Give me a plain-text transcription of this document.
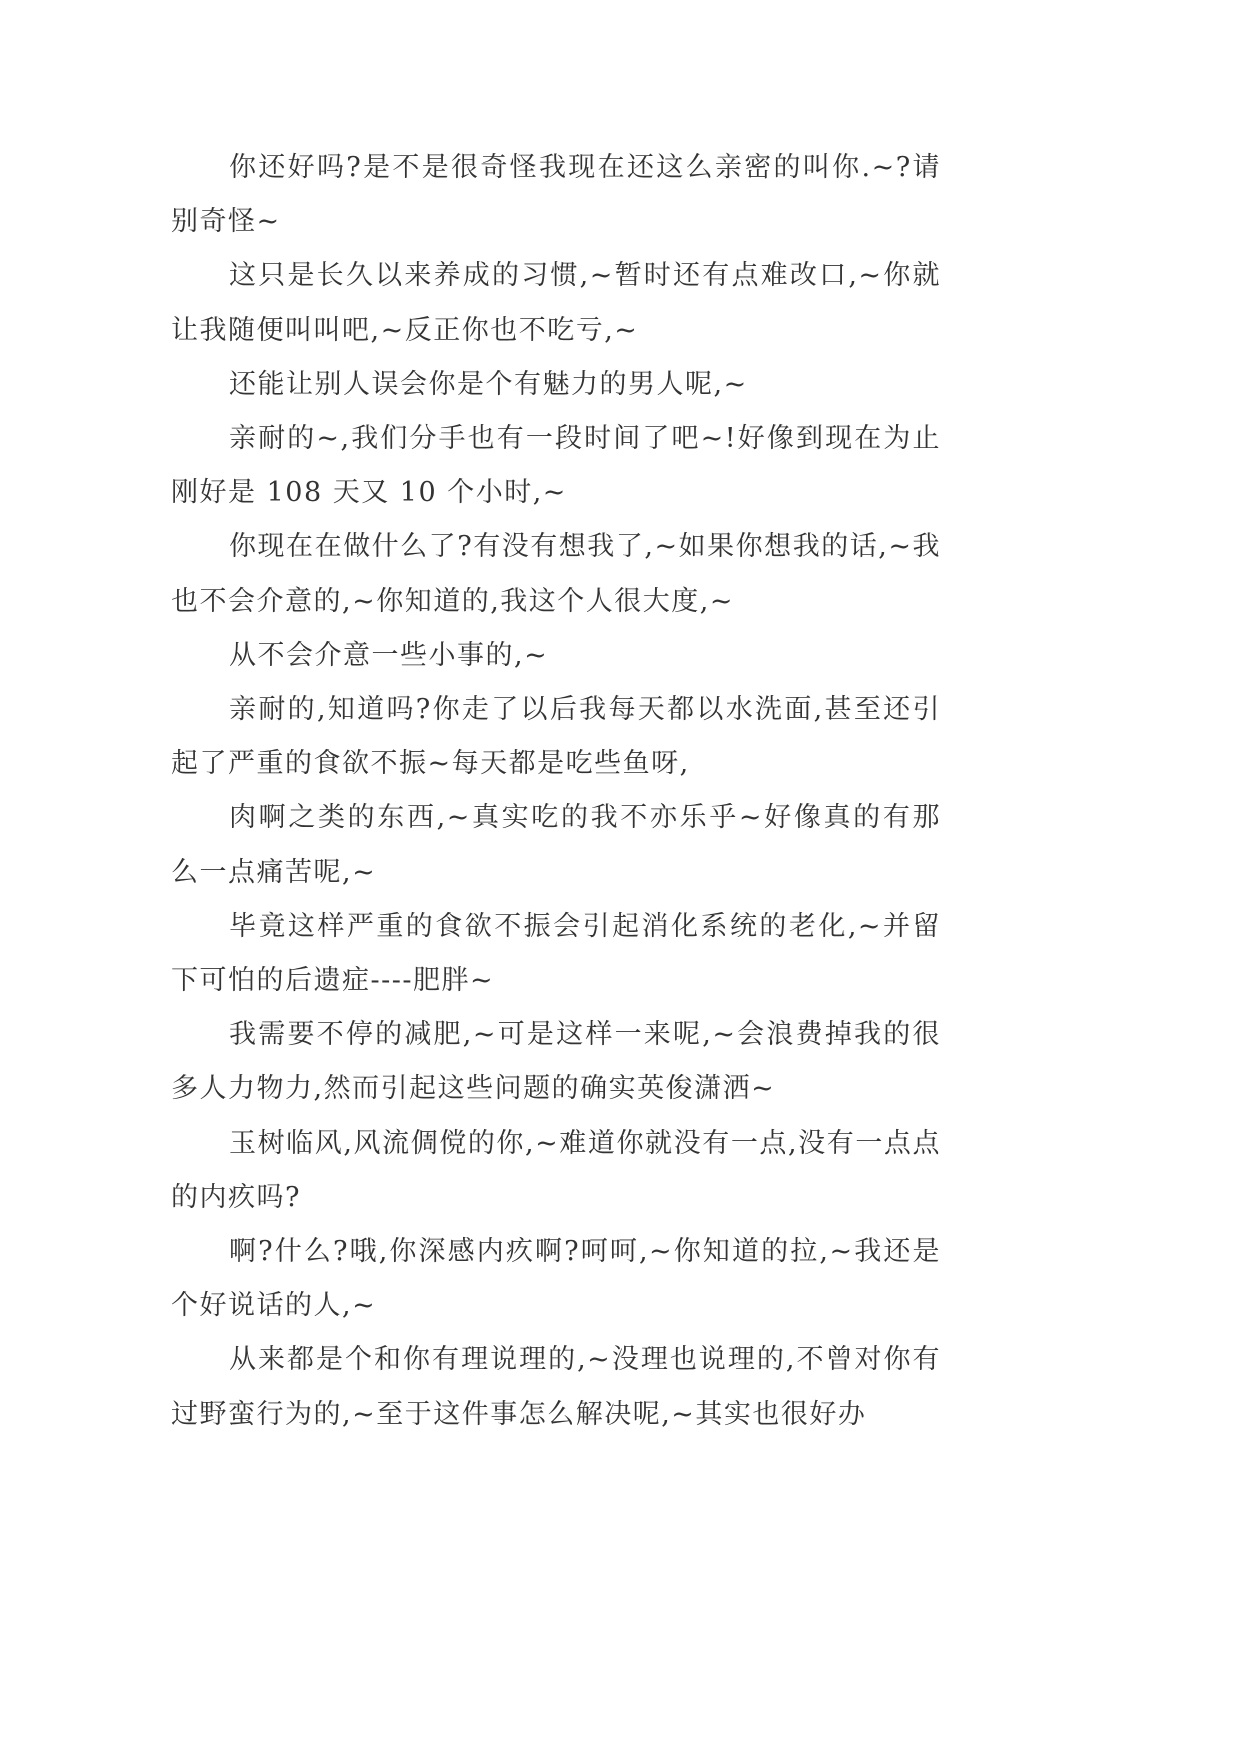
你还好吗?是不是很奇怪我现在还这么亲密的叫你.~?请别奇怪~

这只是长久以来养成的习惯,~暂时还有点难改口,~你就让我随便叫叫吧,~反正你也不吃亏,~

还能让别人误会你是个有魅力的男人呢,~

亲耐的~,我们分手也有一段时间了吧~!好像到现在为止刚好是 108 天又 10 个小时,~

你现在在做什么了?有没有想我了,~如果你想我的话,~我也不会介意的,~你知道的,我这个人很大度,~

从不会介意一些小事的,~

亲耐的,知道吗?你走了以后我每天都以水洗面,甚至还引起了严重的食欲不振~每天都是吃些鱼呀,

肉啊之类的东西,~真实吃的我不亦乐乎~好像真的有那么一点痛苦呢,~

毕竟这样严重的食欲不振会引起消化系统的老化,~并留下可怕的后遗症----肥胖~

我需要不停的减肥,~可是这样一来呢,~会浪费掉我的很多人力物力,然而引起这些问题的确实英俊潇洒~

玉树临风,风流倜傥的你,~难道你就没有一点,没有一点点的内疚吗?

啊?什么?哦,你深感内疚啊?呵呵,~你知道的拉,~我还是个好说话的人,~

从来都是个和你有理说理的,~没理也说理的,不曾对你有过野蛮行为的,~至于这件事怎么解决呢,~其实也很好办
